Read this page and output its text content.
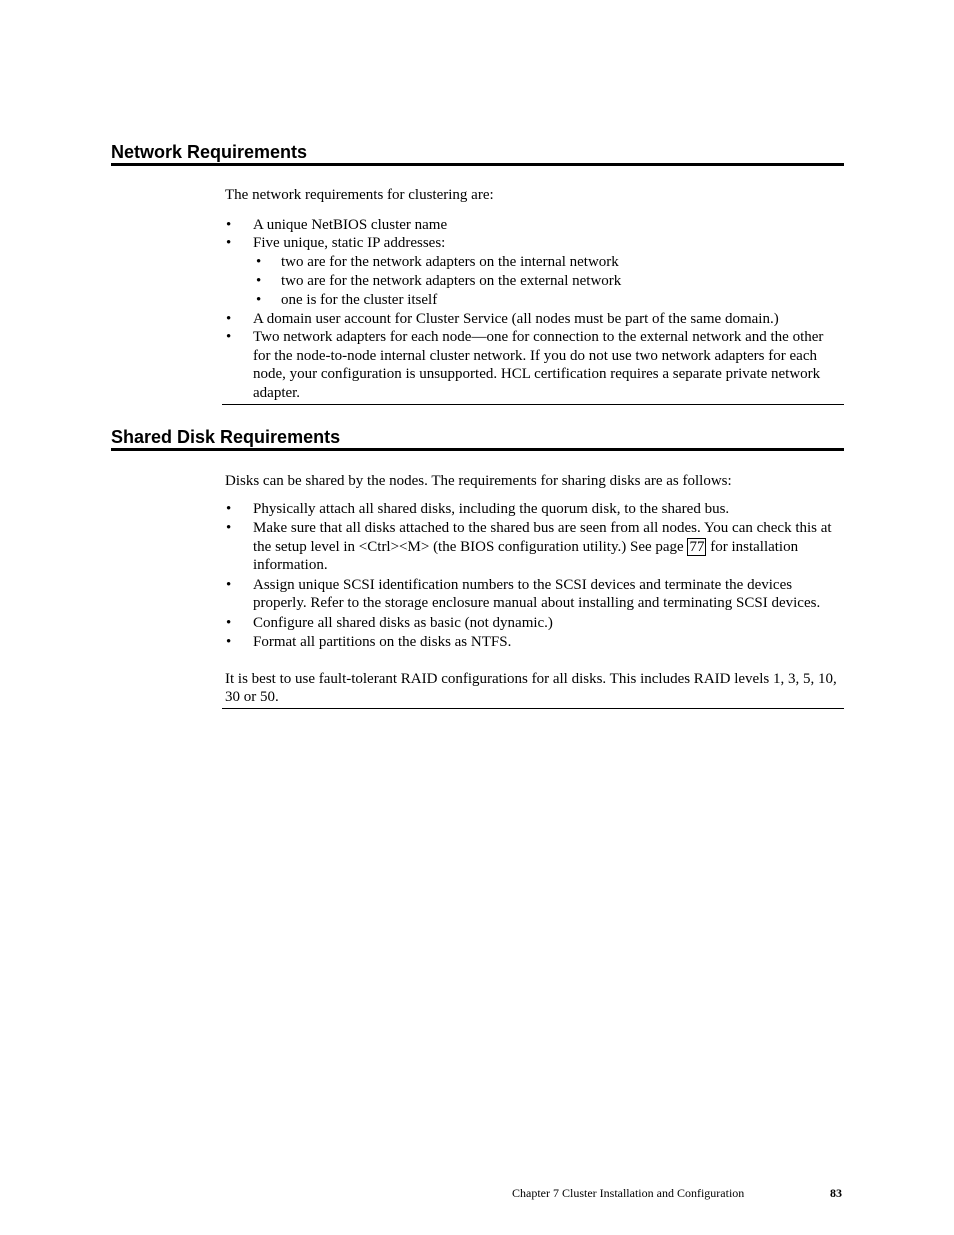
Network Requirements

The network requirements for clustering are:

• A unique NetBIOS cluster name
• Five unique, static IP addresses:
• two are for the network adapters on the internal network
• two are for the network adapters on the external network
• one is for the cluster itself
• A domain user account for Cluster Service (all nodes must be part of the same domain.)
• Two network adapters for each node—one for connection to the external network and the other for the node-to-node internal cluster network. If you do not use two network adapters for each node, your configuration is unsupported. HCL certification requires a separate private network adapter.
Shared Disk Requirements

Disks can be shared by the nodes. The requirements for sharing disks are as follows:

• Physically attach all shared disks, including the quorum disk, to the shared bus.
• Make sure that all disks attached to the shared bus are seen from all nodes. You can check this at the setup level in <Ctrl><M> (the BIOS configuration utility.) See page 77 for installation information.
• Assign unique SCSI identification numbers to the SCSI devices and terminate the devices properly. Refer to the storage enclosure manual about installing and terminating SCSI devices.
• Configure all shared disks as basic (not dynamic.)
• Format all partitions on the disks as NTFS.

It is best to use fault-tolerant RAID configurations for all disks. This includes RAID levels 1, 3, 5, 10, 30 or 50.

Chapter 7 Cluster Installation and Configuration	83
